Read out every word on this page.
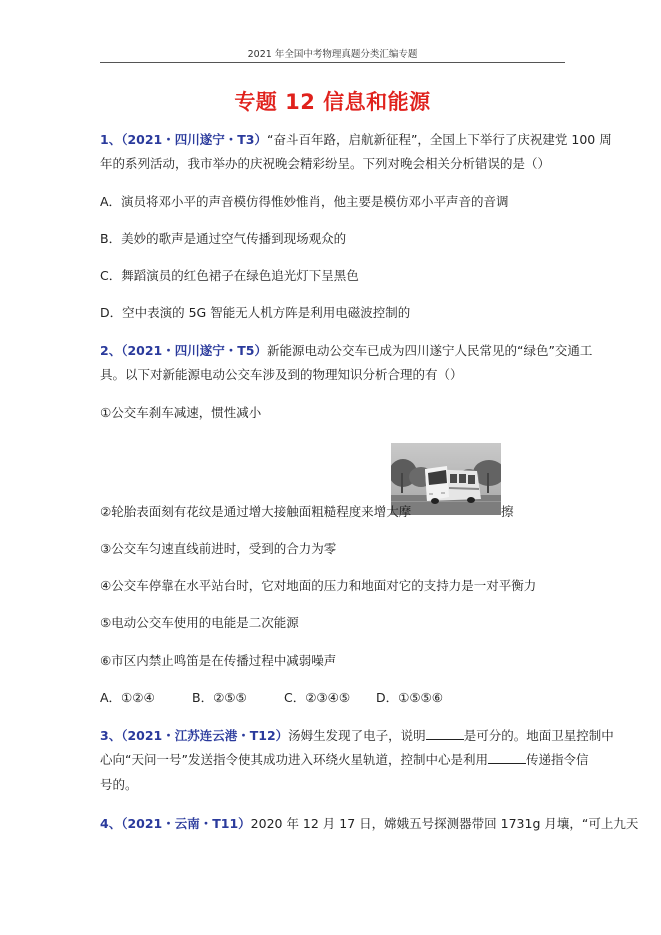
2021 年全国中考物理真题分类汇编专题
专题 12 信息和能源
1、（2021・四川遂宁・T3）“奋斗百年路，启航新征程”，全国上下举行了庆祝建党 100 周
年的系列活动，我市举办的庆祝晚会精彩纷呈。下列对晚会相关分析错误的是（）
A．演员将邓小平的声音模仿得惟妙惟肖，他主要是模仿邓小平声音的音调
B．美妙的歌声是通过空气传播到现场观众的
C．舞蹈演员的红色裙子在绿色追光灯下呈黑色
D．空中表演的 5G 智能无人机方阵是利用电磁波控制的
2、（2021・四川遂宁・T5）新能源电动公交车已成为四川遂宁人民常见的“绿色”交通工
具。以下对新能源电动公交车涉及到的物理知识分析合理的有（）
①公交车刹车减速，惯性减小
②轮胎表面刻有花纹是通过增大接触面粗糙程度来增大摩	擦
③公交车匀速直线前进时，受到的合力为零
④公交车停靠在水平站台时，它对地面的压力和地面对它的支持力是一对平衡力
⑤电动公交车使用的电能是二次能源
⑥市区内禁止鸣笛是在传播过程中减弱噪声
A．①②④	B．②⑤⑤	C．②③④⑤ D．①⑤⑤⑥
3、（2021・江苏连云港・T12）汤姆生发现了电子，说明	是可分的。地面卫星控制中
心向“天问一号”发送指令使其成功进入环绕火星轨道，控制中心是利用	传递指令信
号的。
4、（2021・云南・T11）2020 年 12 月 17 日，嫦娥五号探测器带回 1731g 月壤，“可上九天
